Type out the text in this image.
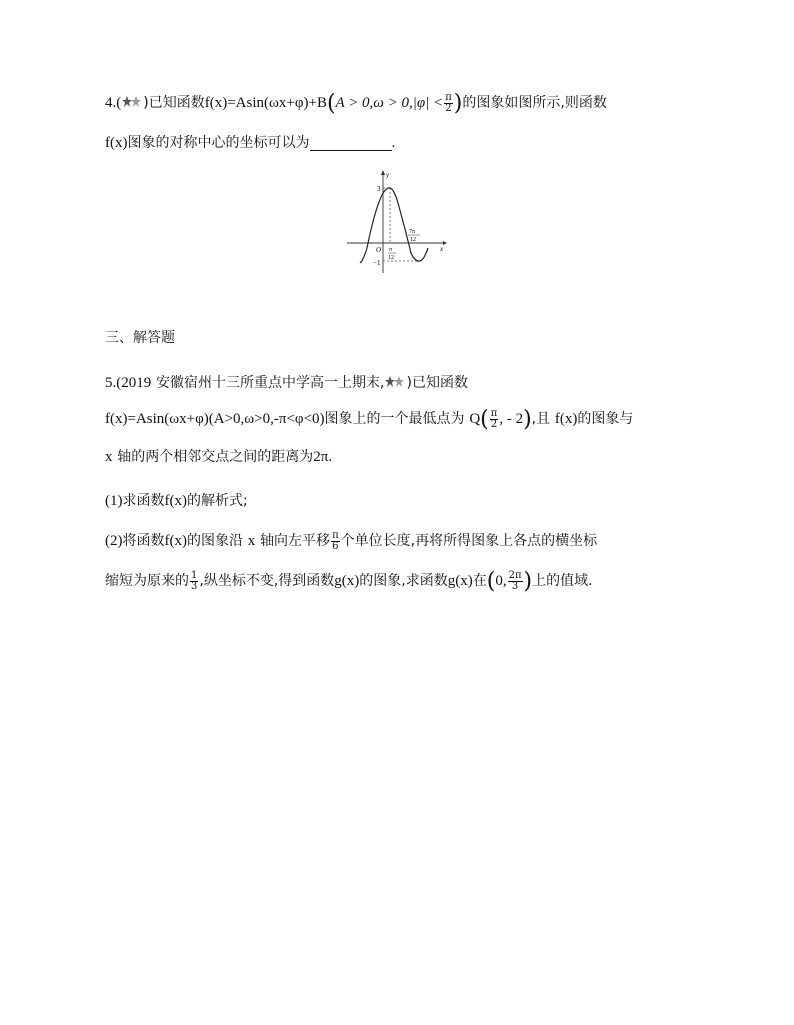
4.( )已知函数$f(x)=Asin(\omega x+\varphi)+B(A > 0,\omega > 0,|\varphi| < \frac{\pi}{2}$ )的图象如图所示,则函数
f(x)图象的对称中心的坐标可以为	.
y
x
O
3
−1
π
12
7π
12
三、解答题
5.(2019 安徽宿州十三所重点中学高一上期末, )已知函数
f(x)=Asin(ωx+φ)(A>0,ω>0,-π<φ<0)图象上的一个最低点为 $Q( \frac{\pi}{2}$ , - 2),且 f(x)的图象与
x 轴的两个相邻交点之间的距离为2π.
(1)求函数f(x)的解析式;
(2)将函数f(x)的图象沿 x 轴向左平移 $\frac{\pi}{6}$ 个单位长度,再将所得图象上各点的横坐标
缩短为原来的 $\frac{1}{3}$ ,纵坐标不变,得到函数g(x)的图象,求函数g(x)在(0, $\frac{2\pi}{3}$ )上的值域.
